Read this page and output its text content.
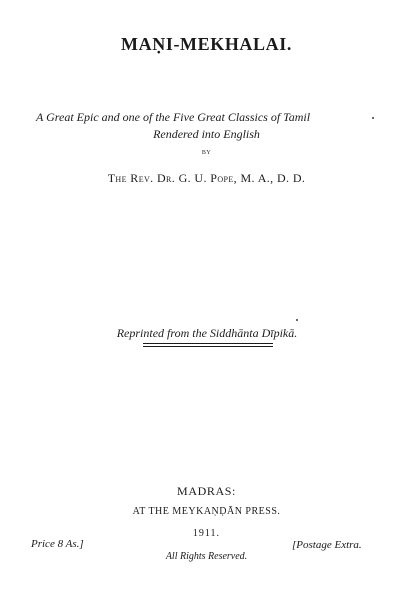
MAṆI-MEKHALAI.
A Great Epic and one of the Five Great Classics of Tamil
Rendered into English
BY
The Rev. Dr. G. U. Pope, M. A., D. D.
Reprinted from the Siddhānta Dīpikā.
MADRAS:
AT THE MEYKAṆḌĀN PRESS.
1911.
Price 8 As.]	[Postage Extra.
All Rights Reserved.
